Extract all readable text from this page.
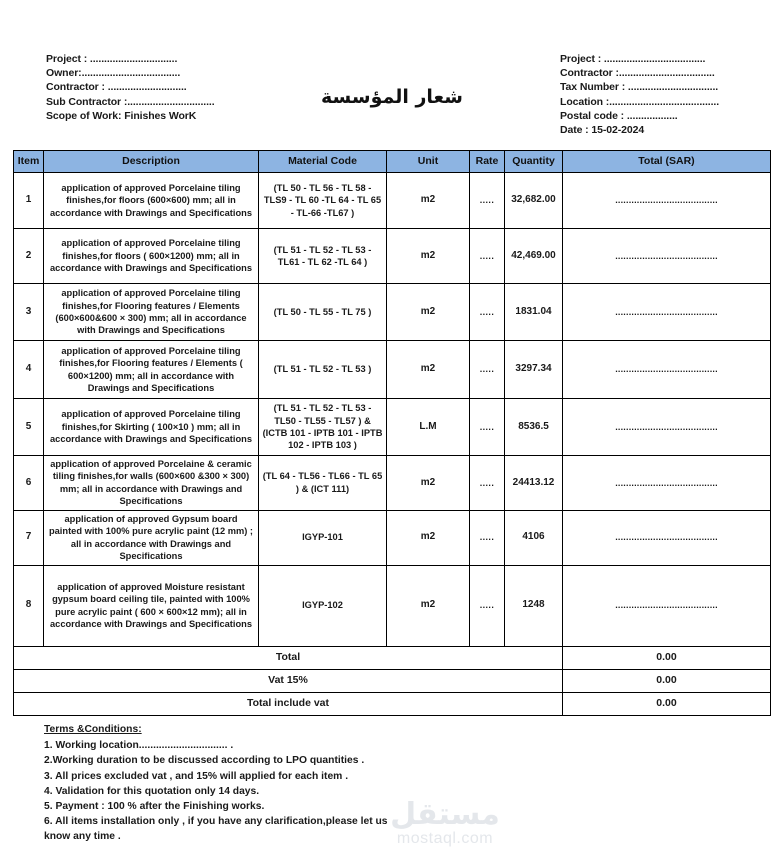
Project : ...............................
Owner:...................................
Contractor : ............................
Sub Contractor :...............................
Scope of Work: Finishes WorK
Project : ....................................
Contractor :..................................
Tax Number : ................................
Location :.......................................
Postal code : ..................
Date : 15-02-2024
شعار المؤسسة
Item	Description	Material Code	Unit	Rate	Quantity	Total (SAR)
1	application of approved Porcelaine tiling finishes,for floors (600×600) mm; all in accordance with Drawings and Specifications	(TL 50 - TL 56 - TL 58 - TLS9 - TL 60 -TL 64 - TL 65 - TL-66 -TL67 )	m2	.....	32,682.00	......................................
2	application of approved Porcelaine tiling finishes,for floors ( 600×1200) mm; all in accordance with Drawings and Specifications	(TL 51 - TL 52 - TL 53 - TL61 - TL 62 -TL 64 )	m2	.....	42,469.00	......................................
3	application of approved Porcelaine tiling finishes,for Flooring features / Elements (600×600&600 × 300) mm; all in accordance with Drawings and Specifications	(TL 50 - TL 55 - TL 75 )	m2	.....	1831.04	......................................
4	application of approved Porcelaine tiling finishes,for Flooring features / Elements ( 600×1200) mm; all in accordance with Drawings and Specifications	(TL 51 - TL 52 - TL 53 )	m2	.....	3297.34	......................................
5	application of approved Porcelaine tiling finishes,for Skirting ( 100×10 ) mm; all in accordance with Drawings and Specifications	(TL 51 - TL 52 - TL 53 - TL50 - TL55 - TL57 ) & (ICTB 101 - IPTB 101 - IPTB 102 - IPTB 103 )	L.M	.....	8536.5	......................................
6	application of approved Porcelaine & ceramic tiling finishes,for walls (600×600 &300 × 300) mm; all in accordance with Drawings and Specifications	(TL 64 - TL56 - TL66 - TL 65 ) & (ICT 111)	m2	.....	24413.12	......................................
7	application of approved Gypsum board painted with 100% pure acrylic paint (12 mm) ; all in accordance with Drawings and Specifications	IGYP-101	m2	.....	4106	......................................
8	application of approved Moisture resistant gypsum board ceiling tile, painted with 100% pure acrylic paint ( 600 × 600×12 mm); all in accordance with Drawings and Specifications	IGYP-102	m2	.....	1248	......................................
Total						0.00
Vat 15%						0.00
Total include vat						0.00
Terms &Conditions:
1. Working location............................... .
2.Working duration to be discussed according to LPO quantities .
3. All prices excluded vat , and 15% will applied for each item .
4. Validation for this quotation only 14 days.
5. Payment : 100 % after the Finishing works.
6. All items installation only , if you have any clarification,please let us
know any time .
مستقل
mostaql.com
